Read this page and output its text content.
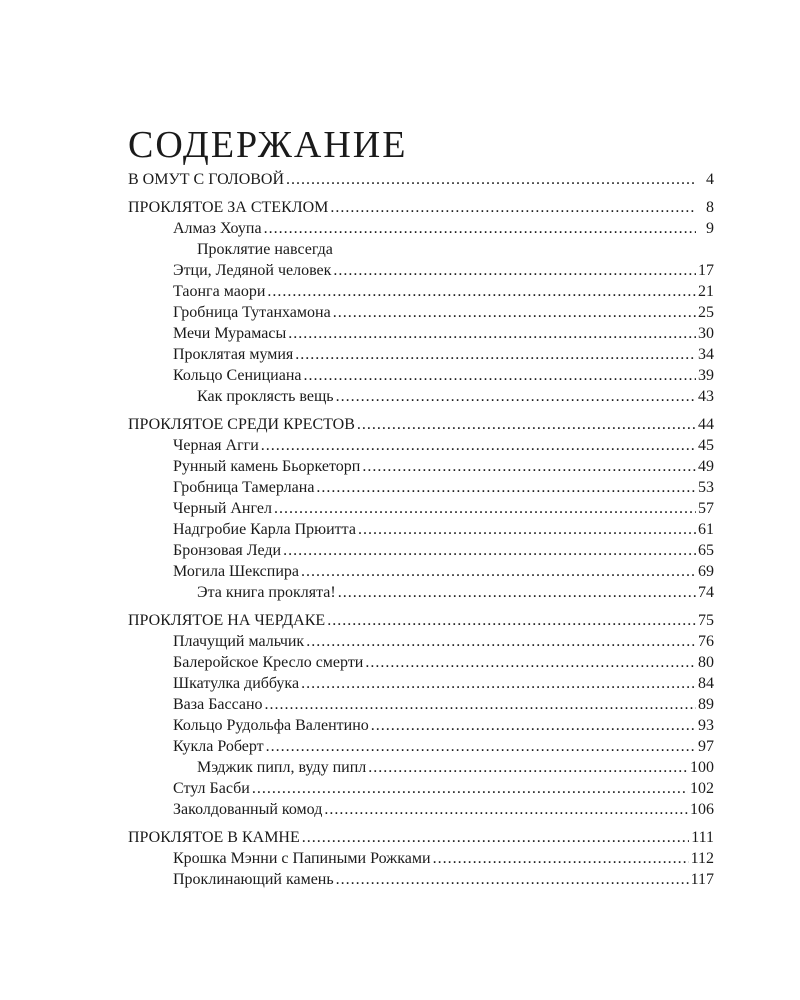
СОДЕРЖАНИЕ
В ОМУТ С ГОЛОВОЙ .....	4
ПРОКЛЯТОЕ ЗА СТЕКЛОМ .....	8
Алмаз Хоупа .....	9
Проклятие навсегда
Этци, Ледяной человек .....	17
Таонга маори .....	21
Гробница Тутанхамона .....	25
Мечи Мурамасы .....	30
Проклятая мумия .....	34
Кольцо Сенициана .....	39
Как проклясть вещь .....	43
ПРОКЛЯТОЕ СРЕДИ КРЕСТОВ .....	44
Черная Агги .....	45
Рунный камень Бьоркеторп .....	49
Гробница Тамерлана .....	53
Черный Ангел .....	57
Надгробие Карла Прюитта .....	61
Бронзовая Леди .....	65
Могила Шекспира .....	69
Эта книга проклята! .....	74
ПРОКЛЯТОЕ НА ЧЕРДАКЕ .....	75
Плачущий мальчик .....	76
Балеройское Кресло смерти .....	80
Шкатулка диббука .....	84
Ваза Бассано .....	89
Кольцо Рудольфа Валентино .....	93
Кукла Роберт .....	97
Мэджик пипл, вуду пипл .....	100
Стул Басби .....	102
Заколдованный комод .....	106
ПРОКЛЯТОЕ В КАМНЕ .....	111
Крошка Мэнни с Папиными Рожками .....	112
Проклинающий камень .....	117
